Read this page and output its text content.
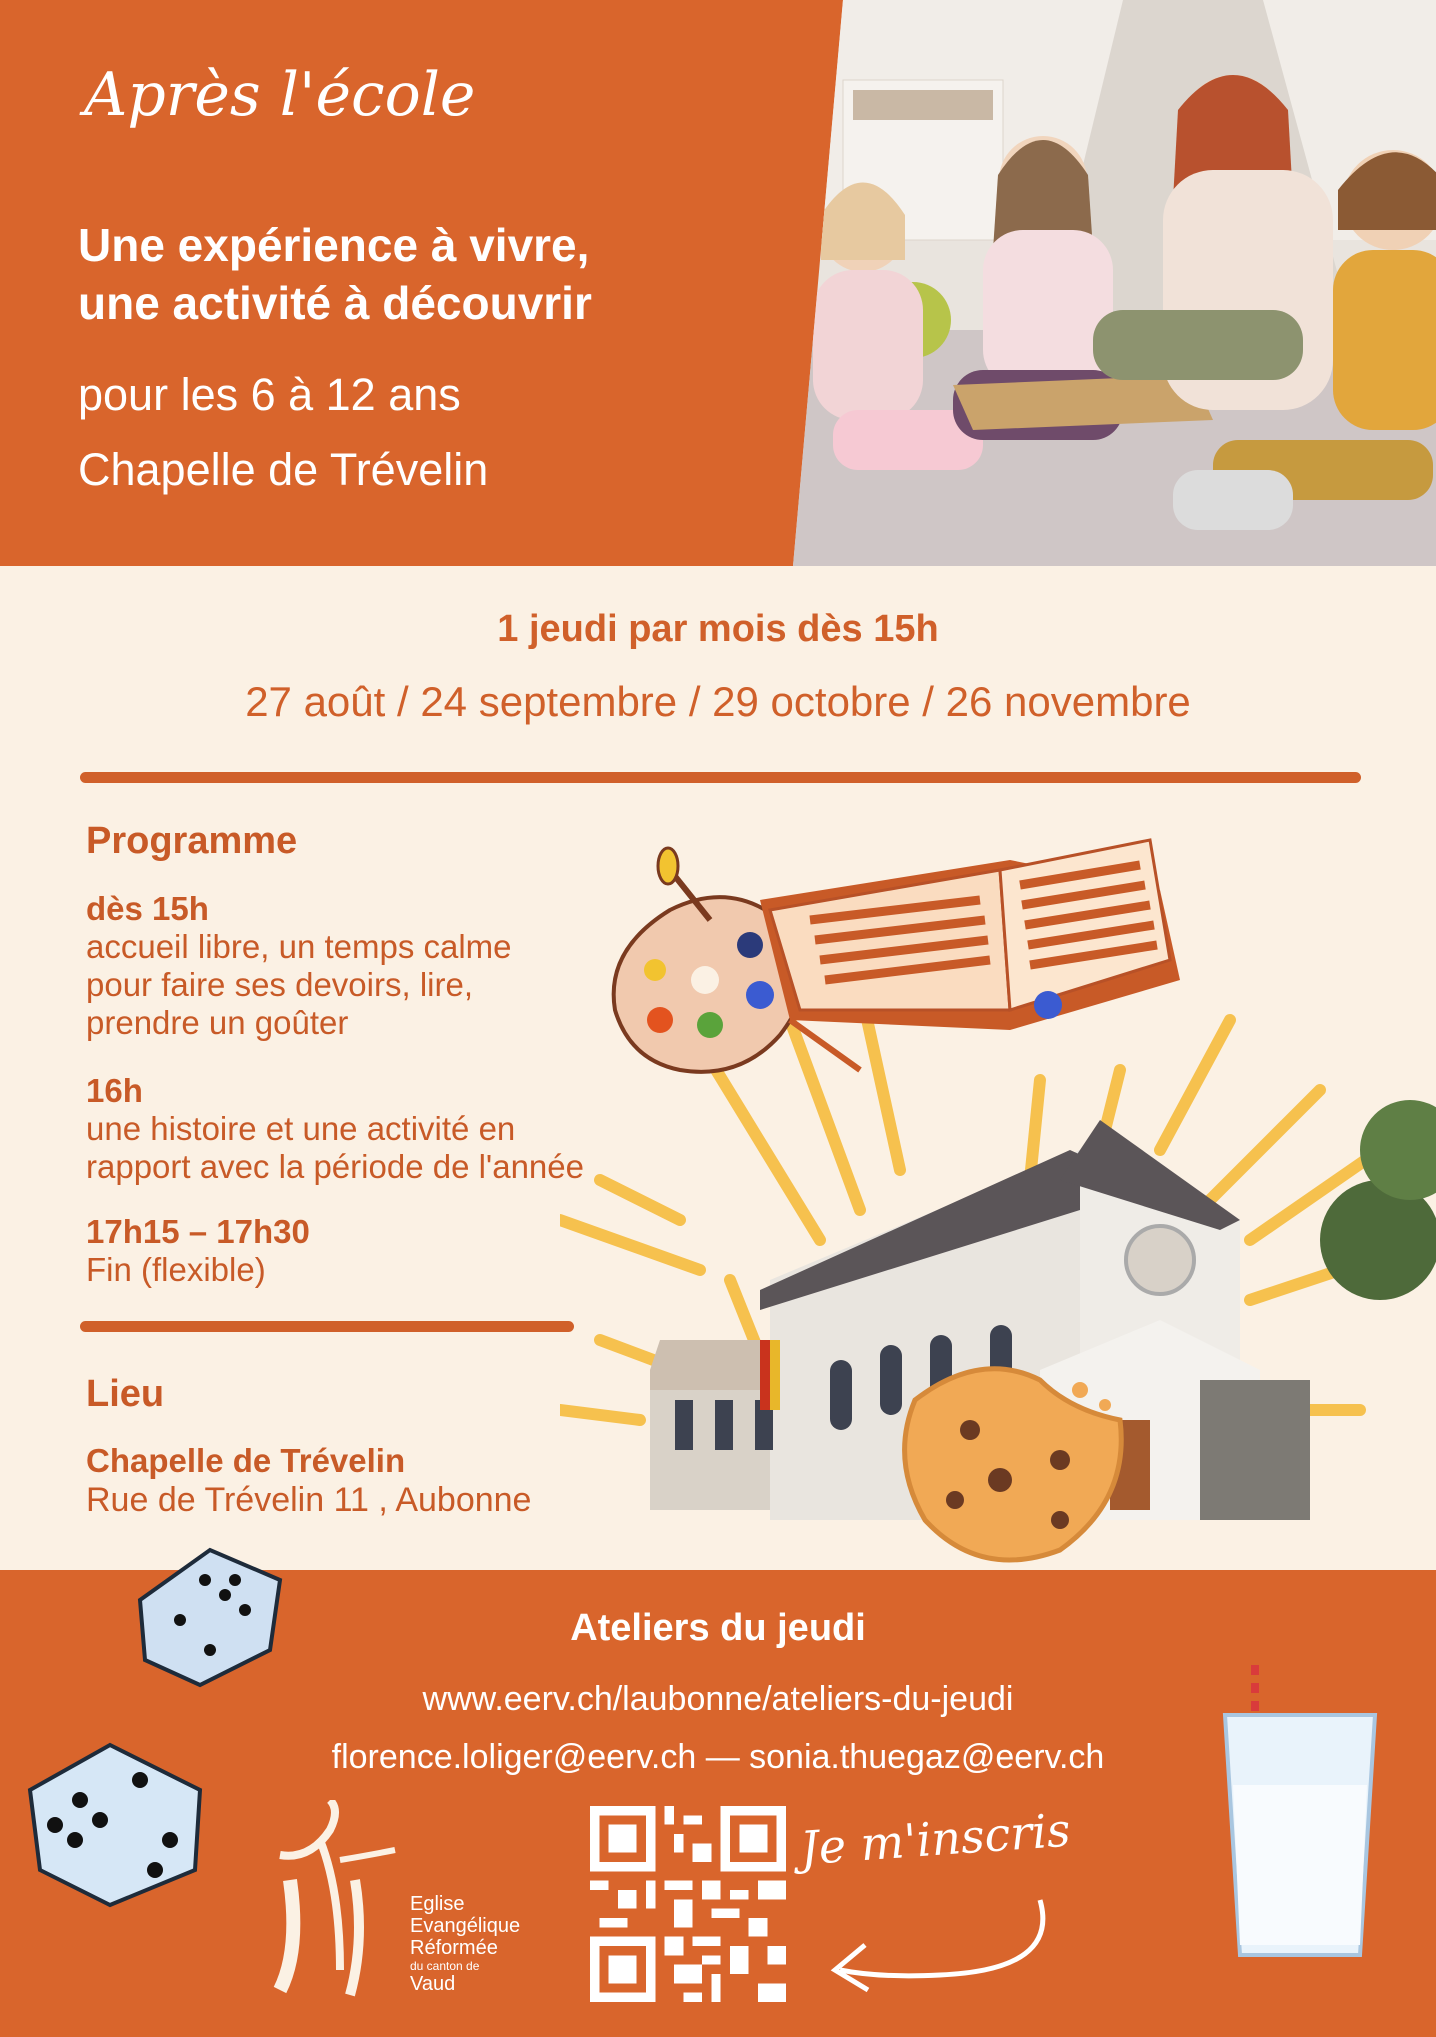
Après l'école
Une expérience à vivre,
une activité à découvrir
pour les 6 à 12 ans
Chapelle de Trévelin
1 jeudi par mois dès 15h
27 août / 24 septembre / 29 octobre / 26 novembre
Programme
dès 15h
accueil libre, un temps calme
pour faire ses devoirs, lire,
prendre un goûter
16h
une histoire et une activité en
rapport avec la période de l'année
17h15 – 17h30
Fin (flexible)
Lieu
Chapelle de Trévelin
Rue de Trévelin 11 , Aubonne
Ateliers du jeudi
www.eerv.ch/laubonne/ateliers-du-jeudi
florence.loliger@eerv.ch — sonia.thuegaz@eerv.ch
Eglise
Evangélique
Réformée
du canton de
Vaud
Je m'inscris
